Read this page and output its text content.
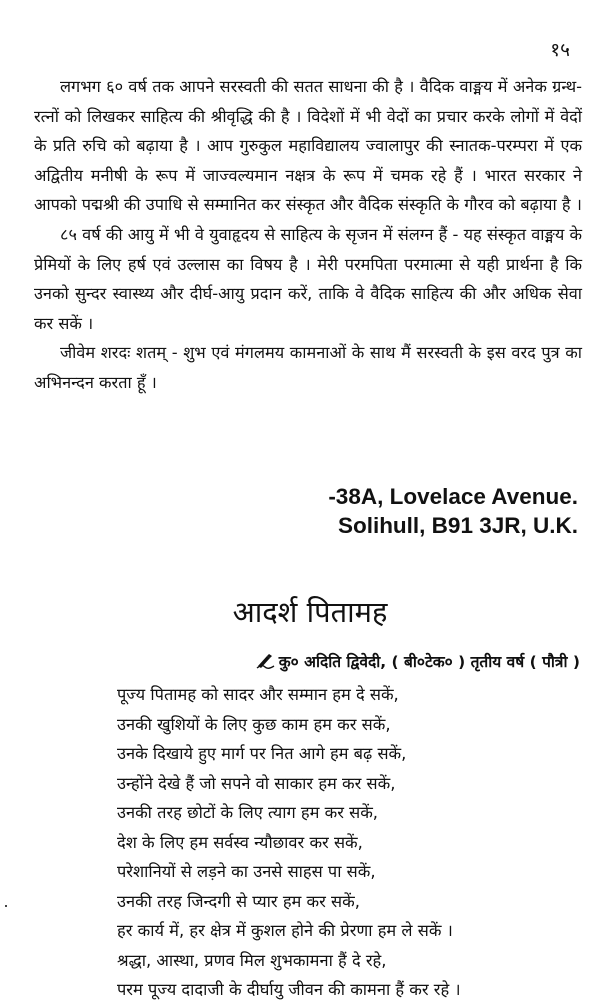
१५

लगभग ६० वर्ष तक आपने सरस्वती की सतत साधना की है । वैदिक वाङ्मय में अनेक ग्रन्थ-रत्नों को लिखकर साहित्य की श्रीवृद्धि की है । विदेशों में भी वेदों का प्रचार करके लोगों में वेदों के प्रति रुचि को बढ़ाया है । आप गुरुकुल महाविद्यालय ज्वालापुर की स्नातक-परम्परा में एक अद्वितीय मनीषी के रूप में जाज्वल्यमान नक्षत्र के रूप में चमक रहे हैं । भारत सरकार ने आपको पद्मश्री की उपाधि से सम्मानित कर संस्कृत और वैदिक संस्कृति के गौरव को बढ़ाया है ।

८५ वर्ष की आयु में भी वे युवाहृदय से साहित्य के सृजन में संलग्न हैं - यह संस्कृत वाङ्मय के प्रेमियों के लिए हर्ष एवं उल्लास का विषय है । मेरी परमपिता परमात्मा से यही प्रार्थना है कि उनको सुन्दर स्वास्थ्य और दीर्घ-आयु प्रदान करें, ताकि वे वैदिक साहित्य की और अधिक सेवा कर सकें ।

जीवेम शरदः शतम् - शुभ एवं मंगलमय कामनाओं के साथ मैं सरस्वती के इस वरद पुत्र का अभिनन्दन करता हूँ ।

-38A, Lovelace Avenue.
Solihull, B91 3JR, U.K.
आदर्श पितामह
कु० अदिति द्विवेदी, ( बी०टेक० ) तृतीय वर्ष ( पौत्री )
पूज्य पितामह को सादर और सम्मान हम दे सकें,
उनकी खुशियों के लिए कुछ काम हम कर सकें,
उनके दिखाये हुए मार्ग पर नित आगे हम बढ़ सकें,
उन्होंने देखे हैं जो सपने वो साकार हम कर सकें,
उनकी तरह छोटों के लिए त्याग हम कर सकें,
देश के लिए हम सर्वस्व न्यौछावर कर सकें,
परेशानियों से लड़ने का उनसे साहस पा सकें,
उनकी तरह जिन्दगी से प्यार हम कर सकें,
हर कार्य में, हर क्षेत्र में कुशल होने की प्रेरणा हम ले सकें ।
श्रद्धा, आस्था, प्रणव मिल शुभकामना हैं दे रहे,
परम पूज्य दादाजी के दीर्घायु जीवन की कामना हैं कर रहे ।
